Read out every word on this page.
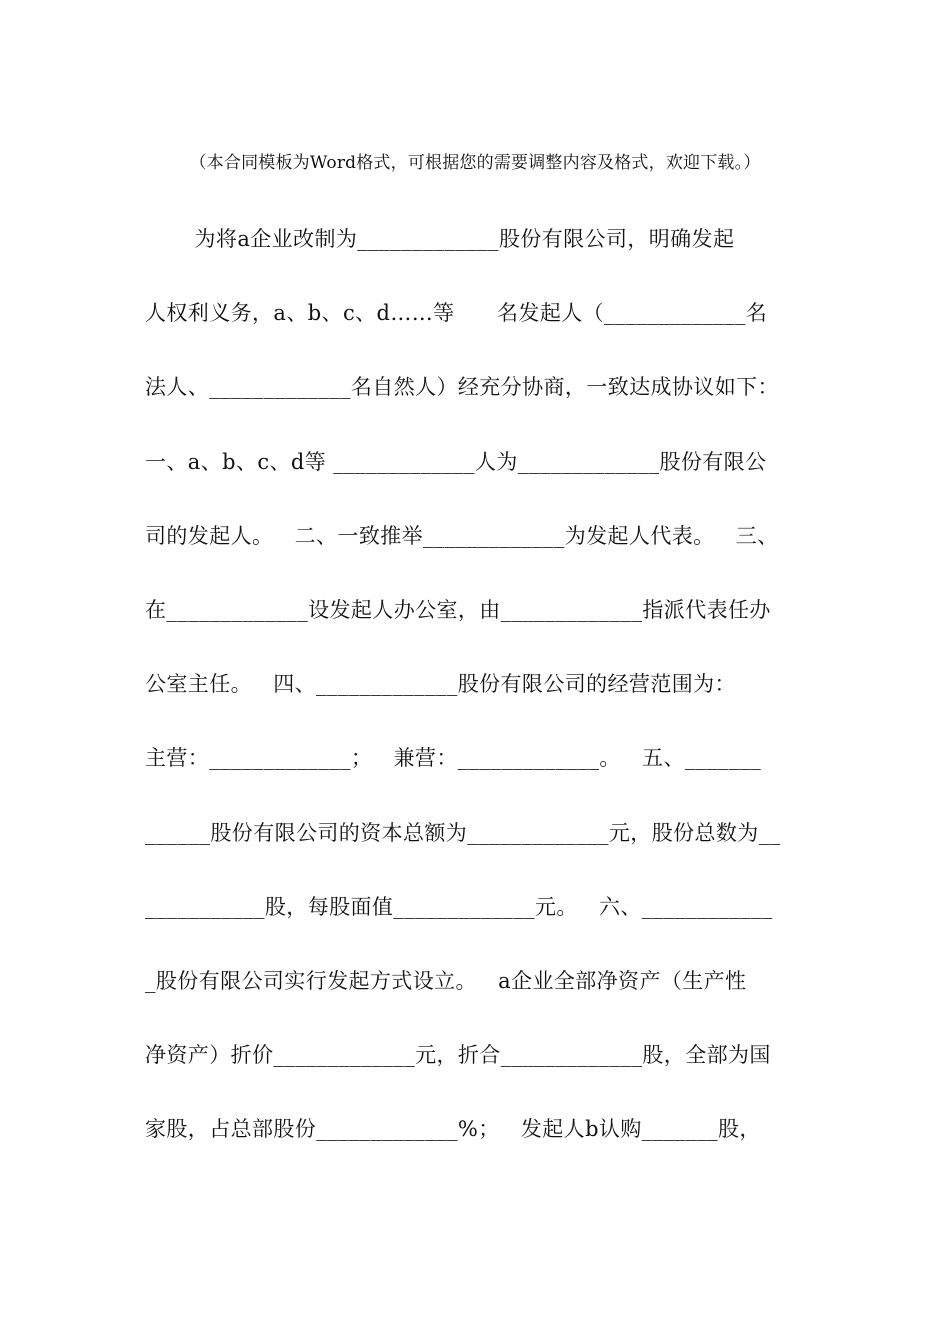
（本合同模板为Word格式，可根据您的需要调整内容及格式，欢迎下载。）
为将a企业改制为_____________股份有限公司，明确发起
人权利义务，a、b、c、d……等      名发起人（_____________名
法人、_____________名自然人）经充分协商，一致达成协议如下：
一、a、b、c、d等 _____________人为_____________股份有限公
司的发起人。   二、一致推举_____________为发起人代表。   三、
在_____________设发起人办公室，由_____________指派代表任办
公室主任。   四、_____________股份有限公司的经营范围为：
主营：_____________；   兼营：_____________。   五、_______
______股份有限公司的资本总额为_____________元，股份总数为__
___________股，每股面值_____________元。   六、____________
_股份有限公司实行发起方式设立。   a企业全部净资产（生产性
净资产）折价_____________元，折合_____________股，全部为国
家股，占总部股份_____________%；   发起人b认购_______股，
